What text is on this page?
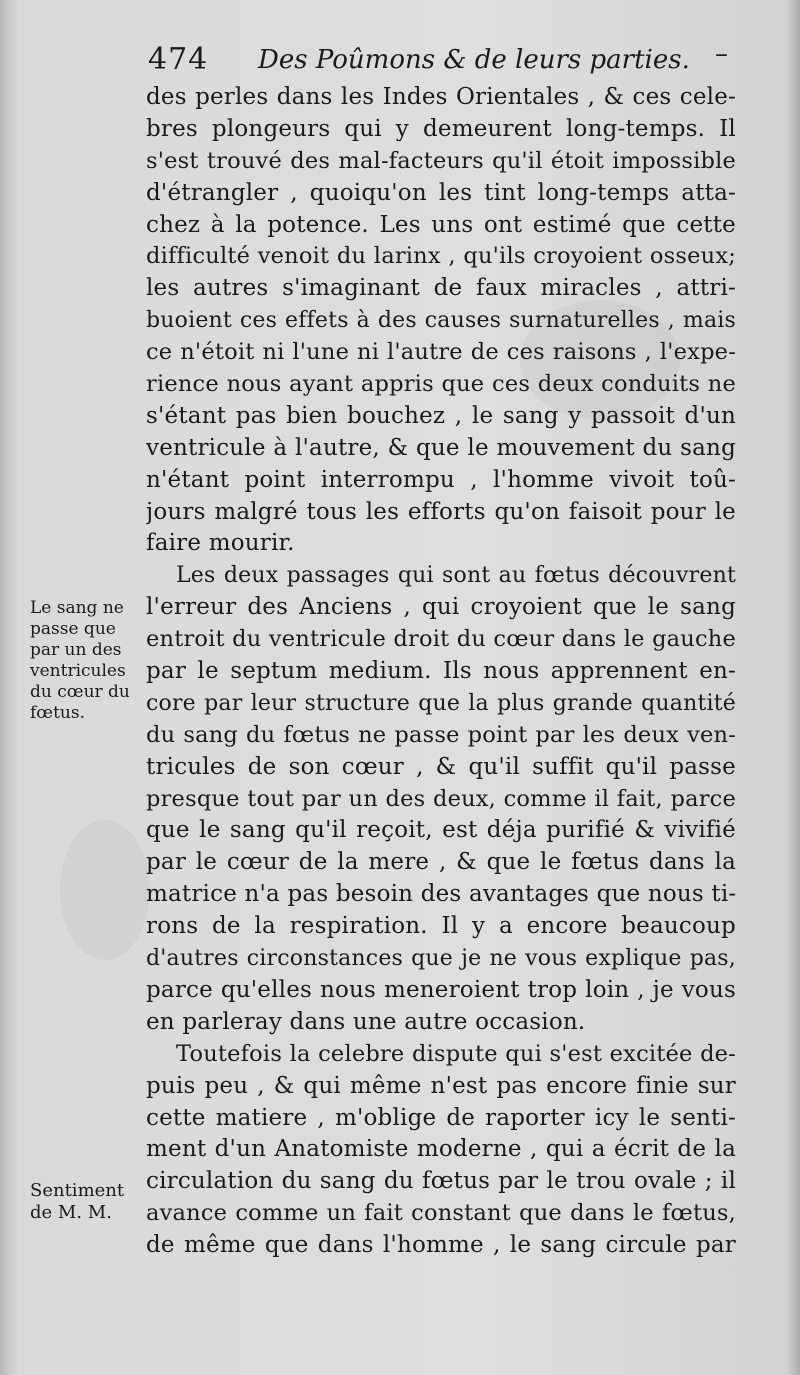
474 Des Poûmons & de leurs parties. –
des perles dans les Indes Orientales , & ces cele-
bres plongeurs qui y demeurent long-temps. Il
s'est trouvé des mal-facteurs qu'il étoit impossible
d'étrangler , quoiqu'on les tint long-temps atta-
chez à la potence. Les uns ont estimé que cette
difficulté venoit du larinx , qu'ils croyoient osseux;
les autres s'imaginant de faux miracles , attri-
buoient ces effets à des causes surnaturelles , mais
ce n'étoit ni l'une ni l'autre de ces raisons , l'expe-
rience nous ayant appris que ces deux conduits ne
s'étant pas bien bouchez , le sang y passoit d'un
ventricule à l'autre, & que le mouvement du sang
n'étant point interrompu , l'homme vivoit toû-
jours malgré tous les efforts qu'on faisoit pour le
faire mourir.
Les deux passages qui sont au fœtus découvrent
l'erreur des Anciens , qui croyoient que le sang
entroit du ventricule droit du cœur dans le gauche
par le septum medium. Ils nous apprennent en-
core par leur structure que la plus grande quantité
du sang du fœtus ne passe point par les deux ven-
tricules de son cœur , & qu'il suffit qu'il passe
presque tout par un des deux, comme il fait, parce
que le sang qu'il reçoit, est déja purifié & vivifié
par le cœur de la mere , & que le fœtus dans la
matrice n'a pas besoin des avantages que nous ti-
rons de la respiration. Il y a encore beaucoup
d'autres circonstances que je ne vous explique pas,
parce qu'elles nous meneroient trop loin , je vous
en parleray dans une autre occasion.
Toutefois la celebre dispute qui s'est excitée de-
puis peu , & qui même n'est pas encore finie sur
cette matiere , m'oblige de raporter icy le senti-
ment d'un Anatomiste moderne , qui a écrit de la
circulation du sang du fœtus par le trou ovale ; il
avance comme un fait constant que dans le fœtus,
de même que dans l'homme , le sang circule par
Le sang ne
passe que
par un des
ventricules
du cœur du
fœtus.
Sentiment
de M. M.
